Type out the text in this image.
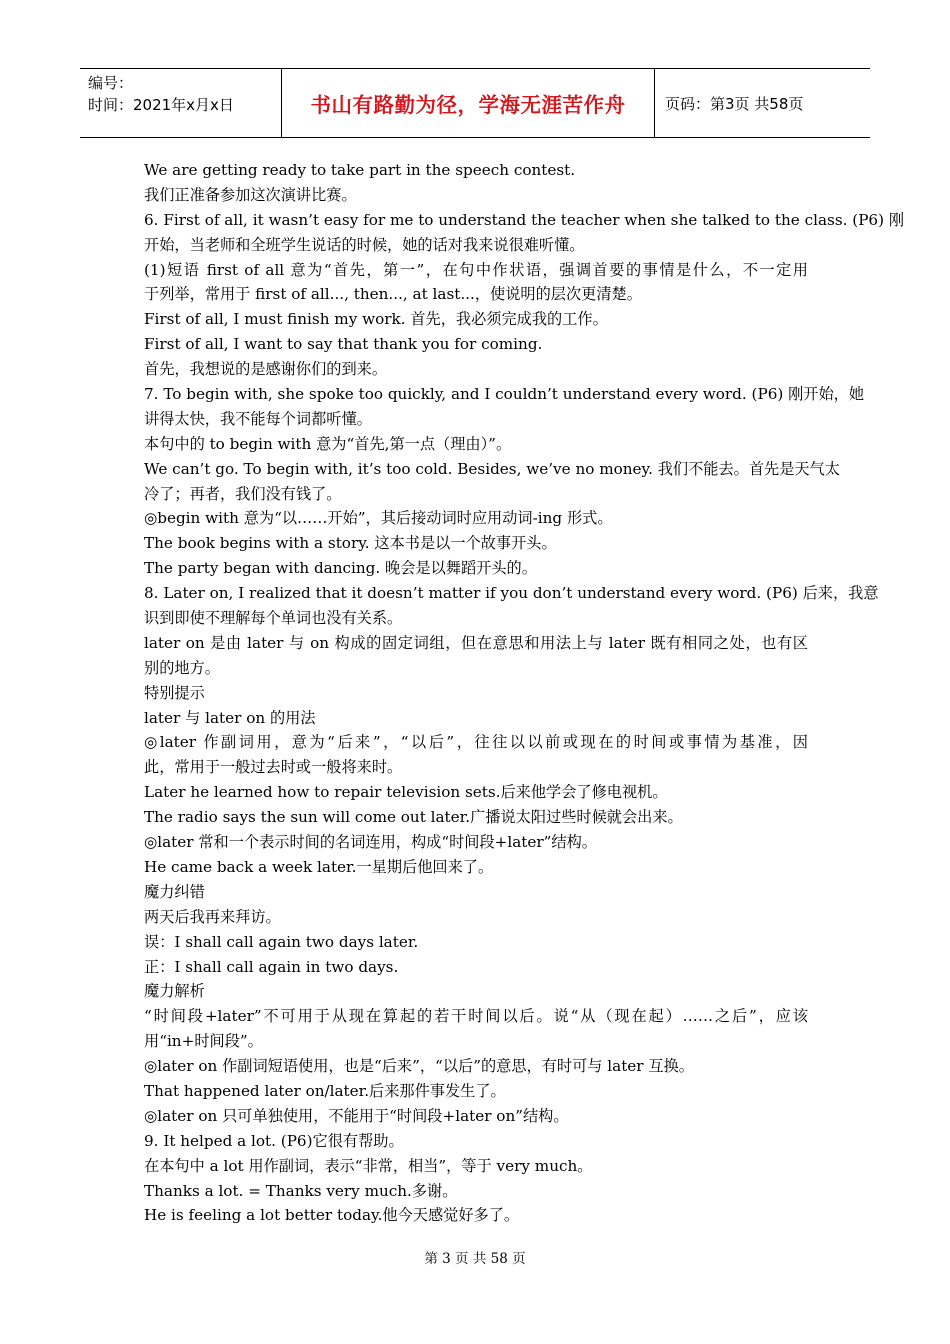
编号：
时间：2021年x月x日	书山有路勤为径，学海无涯苦作舟	页码：第3页 共58页
We are getting ready to take part in the speech contest.
我们正准备参加这次演讲比赛。
6. First of all, it wasn’t easy for me to understand the teacher when she talked to the class. (P6) 刚
开始，当老师和全班学生说话的时候，她的话对我来说很难听懂。
(1)短语 first of all 意为“首先，第一”，在句中作状语，强调首要的事情是什么，不一定用
于列举，常用于 first of all..., then..., at last...，使说明的层次更清楚。
First of all, I must finish my work. 首先，我必须完成我的工作。
First of all, I want to say that thank you for coming.
首先，我想说的是感谢你们的到来。
7. To begin with, she spoke too quickly, and I couldn’t understand every word. (P6) 刚开始，她
讲得太快，我不能每个词都听懂。
本句中的 to begin with 意为“首先,第一点（理由）”。
We can’t go. To begin with, it’s too cold. Besides, we’ve no money. 我们不能去。首先是天气太
冷了；再者，我们没有钱了。
◎begin with 意为“以……开始”，其后接动词时应用动词-ing 形式。
The book begins with a story. 这本书是以一个故事开头。
The party began with dancing. 晚会是以舞蹈开头的。
8. Later on, I realized that it doesn’t matter if you don’t understand every word. (P6) 后来，我意
识到即使不理解每个单词也没有关系。
later on 是由 later 与 on 构成的固定词组，但在意思和用法上与 later 既有相同之处，也有区
别的地方。
特别提示
later 与 later on 的用法
◎later 作副词用，意为“后来”，“以后”，往往以以前或现在的时间或事情为基准，因
此，常用于一般过去时或一般将来时。
Later he learned how to repair television sets.后来他学会了修电视机。
The radio says the sun will come out later.广播说太阳过些时候就会出来。
◎later 常和一个表示时间的名词连用，构成“时间段+later”结构。
He came back a week later.一星期后他回来了。
魔力纠错
两天后我再来拜访。
误：I shall call again two days later.
正：I shall call again in two days.
魔力解析
“时间段+later”不可用于从现在算起的若干时间以后。说“从（现在起）……之后”，应该
用“in+时间段”。
◎later on 作副词短语使用，也是“后来”，“以后”的意思，有时可与 later 互换。
That happened later on/later.后来那件事发生了。
◎later on 只可单独使用，不能用于“时间段+later on”结构。
9. It helped a lot. (P6)它很有帮助。
在本句中 a lot 用作副词，表示“非常，相当”，等于 very much。
Thanks a lot. = Thanks very much.多谢。
He is feeling a lot better today.他今天感觉好多了。
第 3 页 共 58 页
